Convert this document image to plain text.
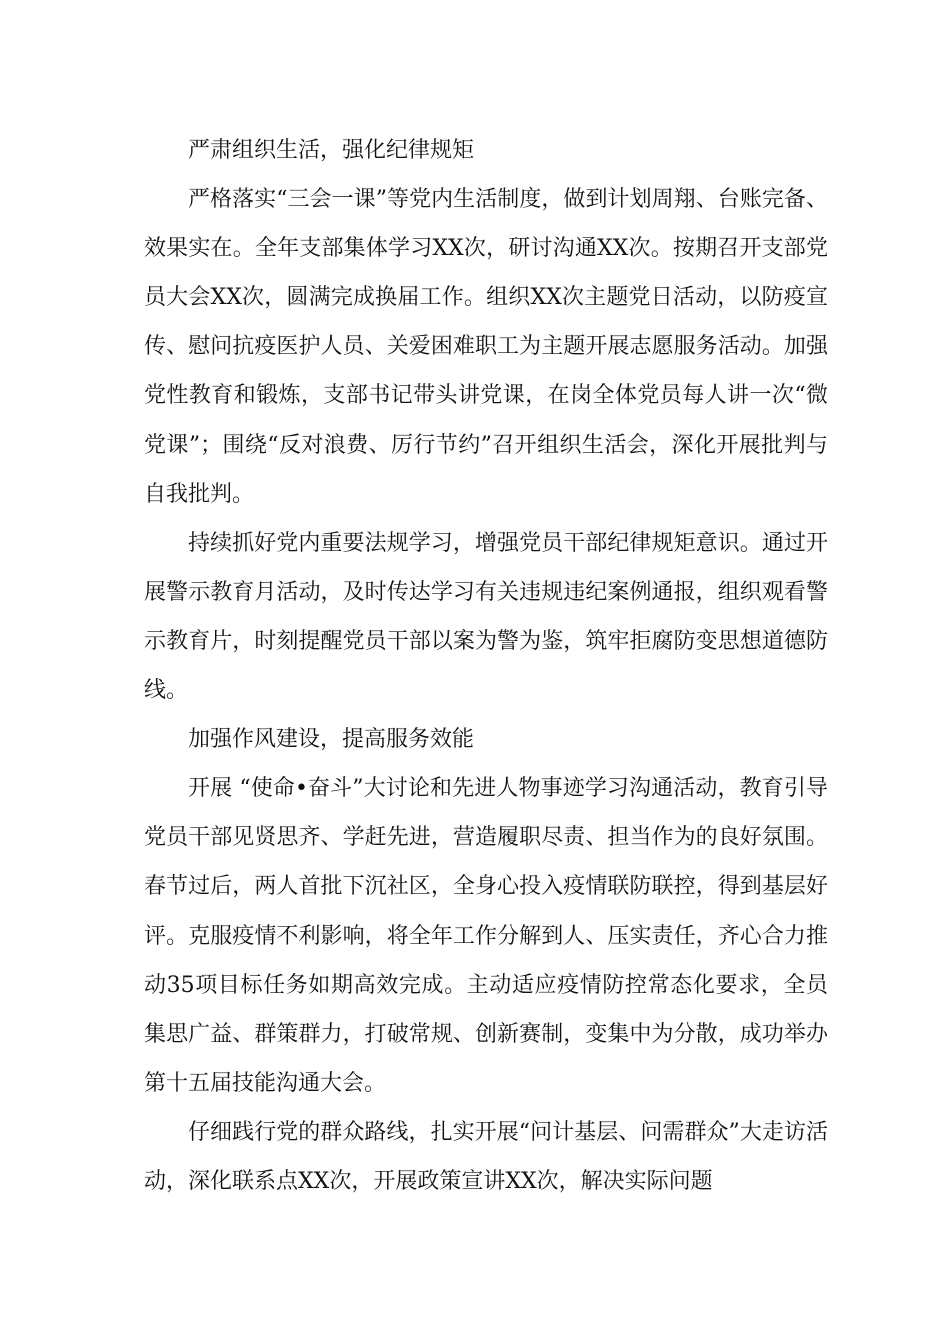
严肃组织生活，强化纪律规矩

严格落实“三会一课”等党内生活制度，做到计划周翔、台账完备、效果实在。全年支部集体学习XX次，研讨沟通XX次。按期召开支部党员大会XX次，圆满完成换届工作。组织XX次主题党日活动，以防疫宣传、慰问抗疫医护人员、关爱困难职工为主题开展志愿服务活动。加强党性教育和锻炼，支部书记带头讲党课，在岗全体党员每人讲一次“微党课”；围绕“反对浪费、厉行节约”召开组织生活会，深化开展批判与自我批判。

持续抓好党内重要法规学习，增强党员干部纪律规矩意识。通过开展警示教育月活动，及时传达学习有关违规违纪案例通报，组织观看警示教育片，时刻提醒党员干部以案为警为鉴，筑牢拒腐防变思想道德防线。

加强作风建设，提高服务效能

开展 “使命•奋斗”大讨论和先进人物事迹学习沟通活动，教育引导党员干部见贤思齐、学赶先进，营造履职尽责、担当作为的良好氛围。春节过后，两人首批下沉社区，全身心投入疫情联防联控，得到基层好评。克服疫情不利影响，将全年工作分解到人、压实责任，齐心合力推动35项目标任务如期高效完成。主动适应疫情防控常态化要求，全员集思广益、群策群力，打破常规、创新赛制，变集中为分散，成功举办第十五届技能沟通大会。

仔细践行党的群众路线，扎实开展“问计基层、问需群众”大走访活动，深化联系点XX次，开展政策宣讲XX次，解决实际问题
